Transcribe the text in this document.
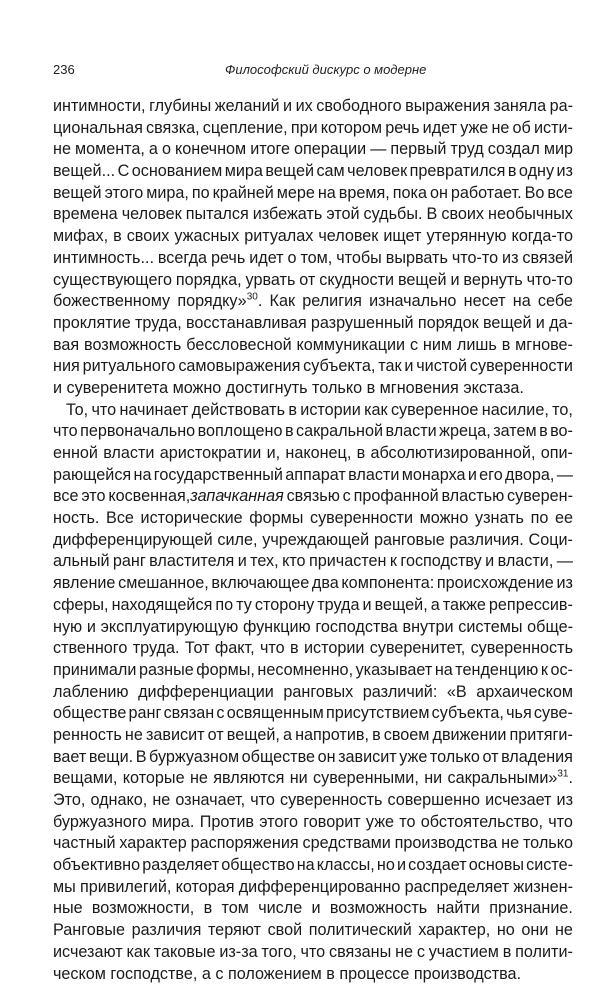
236	Философский дискурс о модерне
интимности, глубины желаний и их свободного выражения заняла ра-
циональная связка, сцепление, при котором речь идет уже не об исти-
не момента, а о конечном итоге операции — первый труд создал мир
вещей... С основанием мира вещей сам человек превратился в одну из
вещей этого мира, по крайней мере на время, пока он работает. Во все
времена человек пытался избежать этой судьбы. В своих необычных
мифах, в своих ужасных ритуалах человек ищет утерянную когда-то
интимность... всегда речь идет о том, чтобы вырвать что-то из связей
существующего порядка, урвать от скудности вещей и вернуть что-то
божественному порядку»$^{30}$. Как религия изначально несет на себе
проклятие труда, восстанавливая разрушенный порядок вещей и да-
вая возможность бессловесной коммуникации с ним лишь в мгнове-
ния ритуального самовыражения субъекта, так и чистой суверенности
и суверенитета можно достигнуть только в мгновения экстаза.
То, что начинает действовать в истории как суверенное насилие, то,
что первоначально воплощено в сакральной власти жреца, затем в во-
енной власти аристократии и, наконец, в абсолютизированной, опи-
рающейся на государственный аппарат власти монарха и его двора, —
все это косвенная,запачканная связью с профанной властью суверен-
ность. Все исторические формы суверенности можно узнать по ее
дифференцирующей силе, учреждающей ранговые различия. Соци-
альный ранг властителя и тех, кто причастен к господству и власти, —
явление смешанное, включающее два компонента: происхождение из
сферы, находящейся по ту сторону труда и вещей, а также репрессив-
ную и эксплуатирующую функцию господства внутри системы обще-
ственного труда. Тот факт, что в истории суверенитет, суверенность
принимали разные формы, несомненно, указывает на тенденцию к ос-
лаблению дифференциации ранговых различий: «В архаическом
обществе ранг связан с освященным присутствием субъекта, чья суве-
ренность не зависит от вещей, а напротив, в своем движении притяги-
вает вещи. В буржуазном обществе он зависит уже только от владения
вещами, которые не являются ни суверенными, ни сакральными»$^{31}$.
Это, однако, не означает, что суверенность совершенно исчезает из
буржуазного мира. Против этого говорит уже то обстоятельство, что
частный характер распоряжения средствами производства не только
объективно разделяет общество на классы, но и создает основы систе-
мы привилегий, которая дифференцированно распределяет жизнен-
ные возможности, в том числе и возможность найти признание.
Ранговые различия теряют свой политический характер, но они не
исчезают как таковые из-за того, что связаны не с участием в полити-
ческом господстве, а с положением в процессе производства.
